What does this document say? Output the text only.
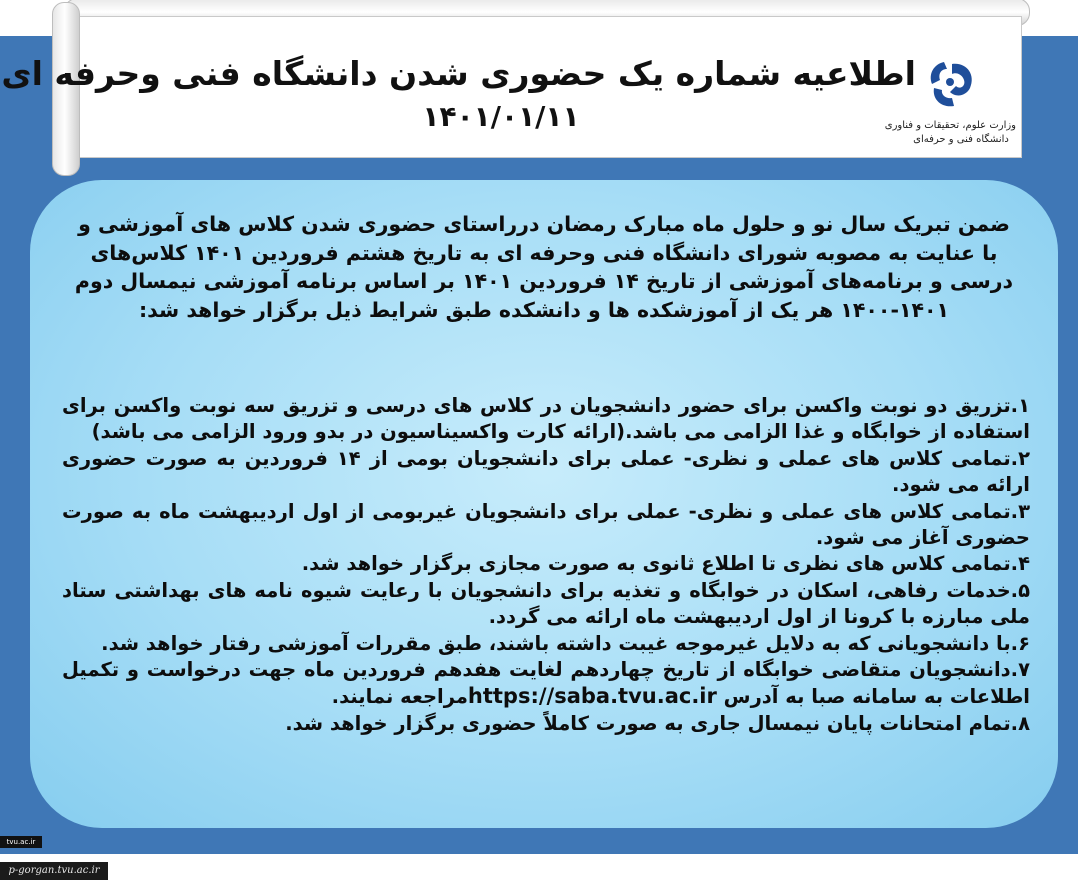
اطلاعیه شماره یک حضوری شدن دانشگاه فنی وحرفه ای
۱۴۰۱/۰۱/۱۱	وزارت علوم، تحقیقات و فناوری
دانشگاه فنی و حرفه‌ای
ضمن تبریک سال نو و حلول ماه مبارک رمضان درراستای حضوری شدن کلاس های آموزشی و
با عنایت به مصوبه شورای دانشگاه فنی وحرفه ای به تاریخ هشتم فروردین ۱۴۰۱ کلاس‌های
درسی و برنامه‌های آموزشی از تاریخ ۱۴ فروردین ۱۴۰۱ بر اساس برنامه آموزشی نیمسال دوم
۱۴۰۰-۱۴۰۱ هر یک از آموزشکده ها و دانشکده طبق شرایط ذیل برگزار خواهد شد:

۱.تزریق دو نوبت واکسن برای حضور دانشجویان در کلاس های درسی و تزریق سه نوبت واکسن برای استفاده از خوابگاه و غذا الزامی می باشد.(ارائه کارت واکسیناسیون در بدو ورود الزامی می باشد)

۲.تمامی کلاس های عملی و نظری- عملی برای دانشجویان بومی از ۱۴ فروردین به صورت حضوری ارائه می شود.

۳.تمامی کلاس های عملی و نظری- عملی برای دانشجویان غیربومی از اول اردیبهشت ماه به صورت حضوری آغاز می شود.

۴.تمامی کلاس های نظری تا اطلاع ثانوی به صورت مجازی برگزار خواهد شد.

۵.خدمات رفاهی، اسکان در خوابگاه و تغذیه برای دانشجویان با رعایت شیوه نامه های بهداشتی ستاد ملی مبارزه با کرونا از اول اردیبهشت ماه ارائه می گردد.

۶.با دانشجویانی که به دلایل غیرموجه غیبت داشته باشند، طبق مقررات آموزشی رفتار خواهد شد.

۷.دانشجویان متقاضی خوابگاه از تاریخ چهاردهم لغایت هفدهم فروردین ماه جهت درخواست و تکمیل اطلاعات به سامانه صبا به آدرس https://saba.tvu.ac.irمراجعه نمایند.

۸.تمام امتحانات پایان نیمسال جاری به صورت کاملاً حضوری برگزار خواهد شد.

tvu.ac.ir
p-gorgan.tvu.ac.ir
